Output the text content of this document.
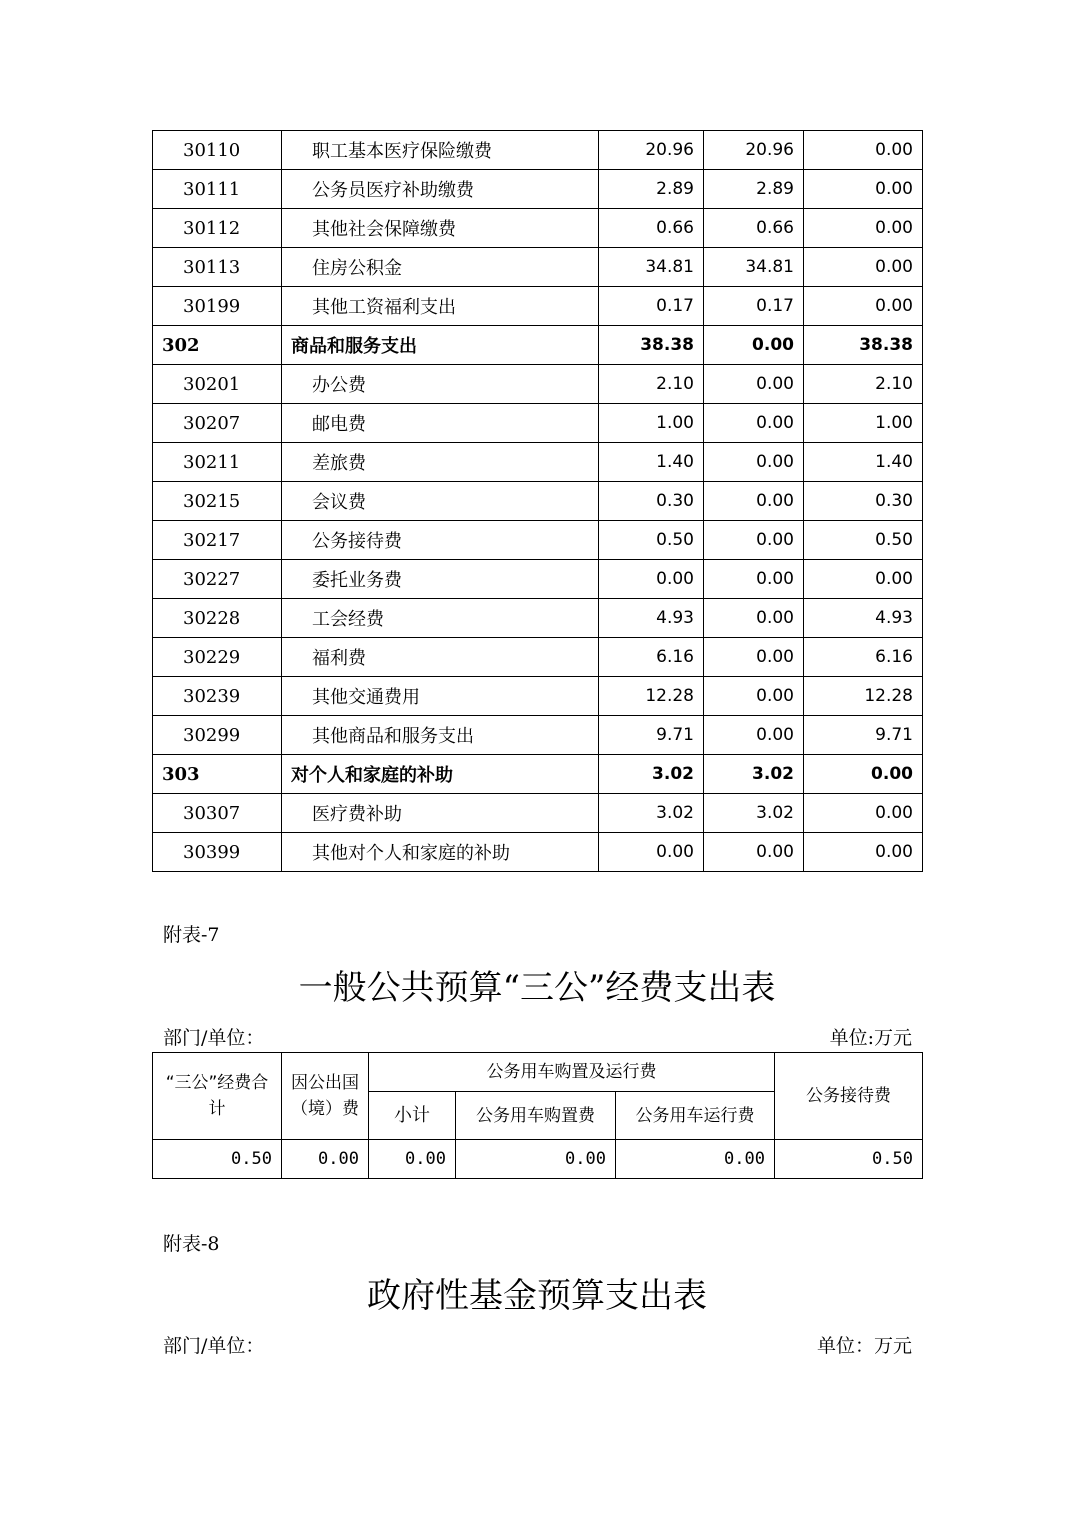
30110	职工基本医疗保险缴费	20.96	20.96	0.00
30111	公务员医疗补助缴费	2.89	2.89	0.00
30112	其他社会保障缴费	0.66	0.66	0.00
30113	住房公积金	34.81	34.81	0.00
30199	其他工资福利支出	0.17	0.17	0.00
302	商品和服务支出	38.38	0.00	38.38
30201	办公费	2.10	0.00	2.10
30207	邮电费	1.00	0.00	1.00
30211	差旅费	1.40	0.00	1.40
30215	会议费	0.30	0.00	0.30
30217	公务接待费	0.50	0.00	0.50
30227	委托业务费	0.00	0.00	0.00
30228	工会经费	4.93	0.00	4.93
30229	福利费	6.16	0.00	6.16
30239	其他交通费用	12.28	0.00	12.28
30299	其他商品和服务支出	9.71	0.00	9.71
303	对个人和家庭的补助	3.02	3.02	0.00
30307	医疗费补助	3.02	3.02	0.00
30399	其他对个人和家庭的补助	0.00	0.00	0.00
附表-7
一般公共预算“三公”经费支出表
部门/单位：	单位:万元
“三公”经费合计	因公出国（境）费	公务用车购置及运行费			公务接待费
		小计	公务用车购置费	公务用车运行费	
0.50	0.00	0.00	0.00	0.00	0.50
附表-8
政府性基金预算支出表
部门/单位：	单位：万元
